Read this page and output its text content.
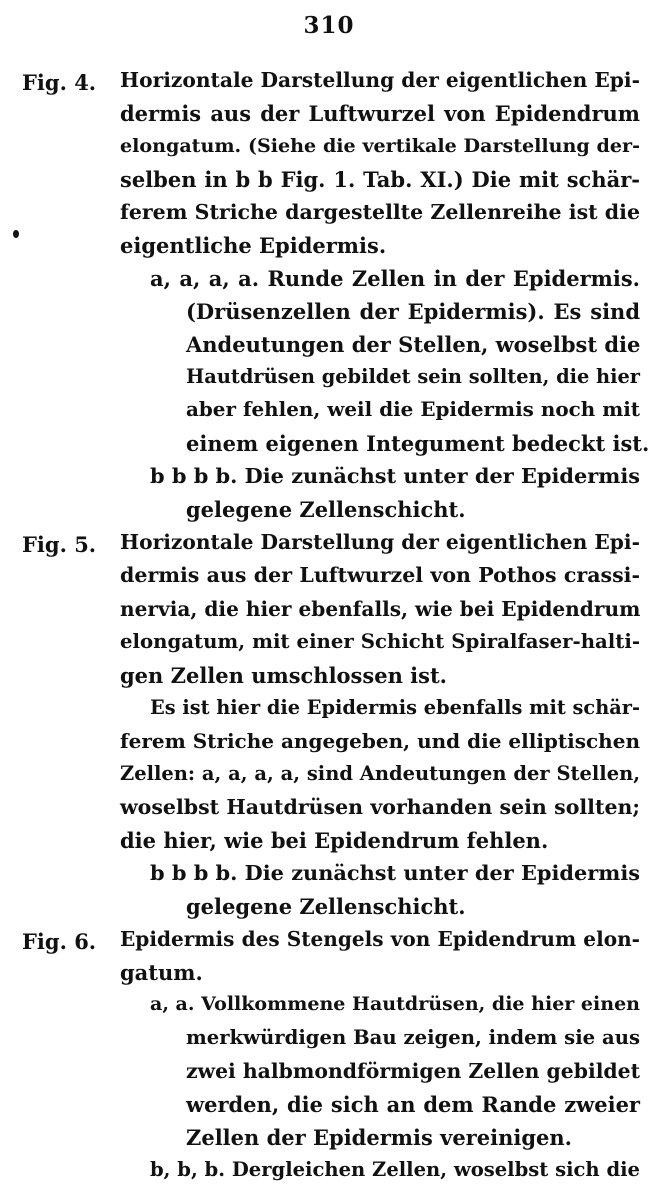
310
Fig. 4. Horizontale Darstellung der eigentlichen Epi-
dermis aus der Luftwurzel von Epidendrum
elongatum. (Siehe die vertikale Darstellung der-
selben in b b Fig. 1. Tab. XI.) Die mit schär-
ferem Striche dargestellte Zellenreihe ist die
eigentliche Epidermis.
a, a, a, a. Runde Zellen in der Epidermis.
(Drüsenzellen der Epidermis). Es sind
Andeutungen der Stellen, woselbst die
Hautdrüsen gebildet sein sollten, die hier
aber fehlen, weil die Epidermis noch mit
einem eigenen Integument bedeckt ist.
b b b b. Die zunächst unter der Epidermis
gelegene Zellenschicht.
Fig. 5. Horizontale Darstellung der eigentlichen Epi-
dermis aus der Luftwurzel von Pothos crassi-
nervia, die hier ebenfalls, wie bei Epidendrum
elongatum, mit einer Schicht Spiralfaser-halti-
gen Zellen umschlossen ist.
Es ist hier die Epidermis ebenfalls mit schär-
ferem Striche angegeben, und die elliptischen
Zellen: a, a, a, a, sind Andeutungen der Stellen,
woselbst Hautdrüsen vorhanden sein sollten;
die hier, wie bei Epidendrum fehlen.
b b b b. Die zunächst unter der Epidermis
gelegene Zellenschicht.
Fig. 6. Epidermis des Stengels von Epidendrum elon-
gatum.
a, a. Vollkommene Hautdrüsen, die hier einen
merkwürdigen Bau zeigen, indem sie aus
zwei halbmondförmigen Zellen gebildet
werden, die sich an dem Rande zweier
Zellen der Epidermis vereinigen.
b, b, b. Dergleichen Zellen, woselbst sich die
